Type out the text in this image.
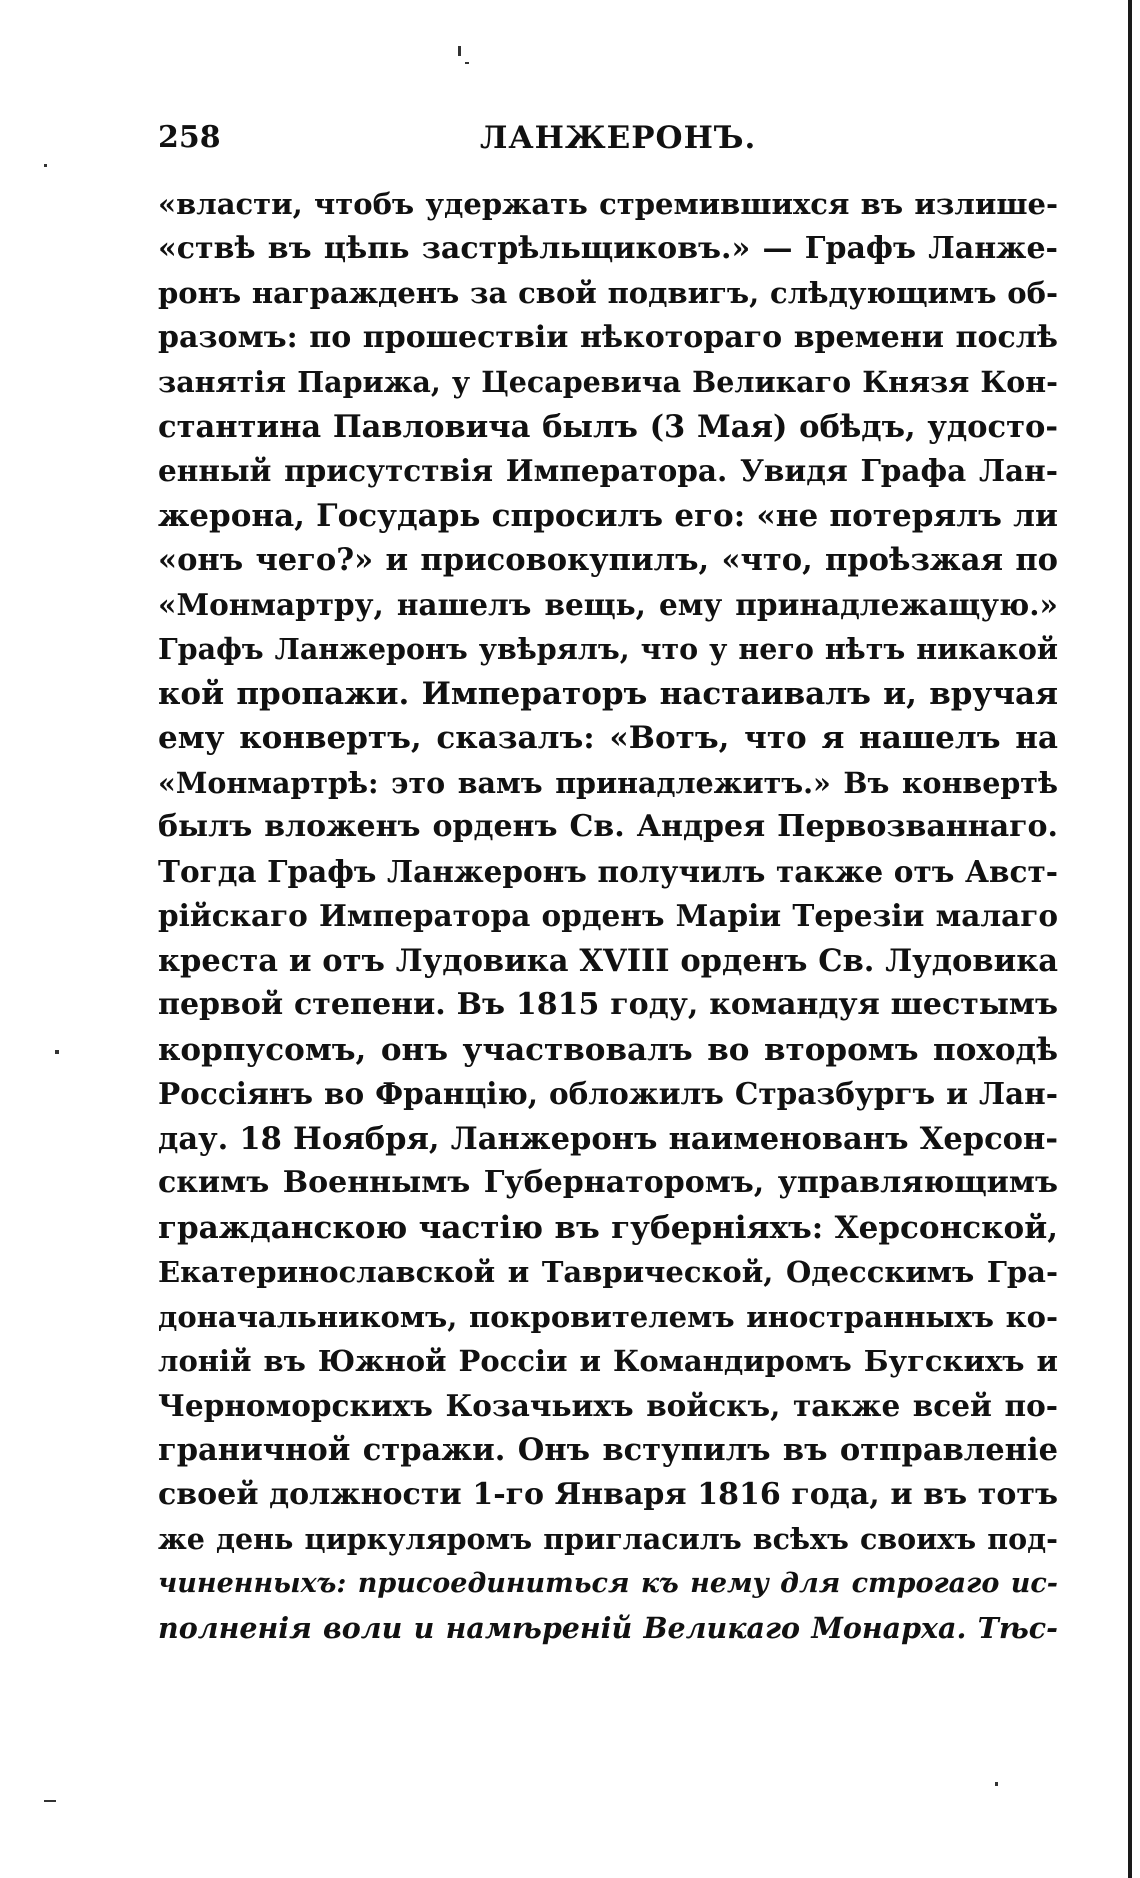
258	ЛАНЖЕРОНЪ.
«власти, чтобъ удержать стремившихся въ излише-
«ствѣ въ цѣпь застрѣльщиковъ.» — Графъ Ланже-
ронъ награжденъ за свой подвигъ, слѣдующимъ об-
разомъ: по прошествіи нѣкотораго времени послѣ
занятія Парижа, у Цесаревича Великаго Князя Кон-
стантина Павловича былъ (3 Мая) обѣдъ, удосто-
енный присутствія Императора. Увидя Графа Лан-
жерона, Государь спросилъ его: «не потерялъ ли
«онъ чего?» и присовокупилъ, «что, проѣзжая по
«Монмартру, нашелъ вещь, ему принадлежащую.»
Графъ Ланжеронъ увѣрялъ, что у него нѣтъ никакой
кой пропажи. Императоръ настаивалъ и, вручая
ему конвертъ, сказалъ: «Вотъ, что я нашелъ на
«Монмартрѣ: это вамъ принадлежитъ.» Въ конвертѣ
былъ вложенъ орденъ Св. Андрея Первозваннаго.
Тогда Графъ Ланжеронъ получилъ также отъ Авст-
рійскаго Императора орденъ Маріи Терезіи малаго
креста и отъ Лудовика XVIII орденъ Св. Лудовика
первой степени. Въ 1815 году, командуя шестымъ
корпусомъ, онъ участвовалъ во второмъ походѣ
Россіянъ во Францію, обложилъ Стразбургъ и Лан-
дау. 18 Ноября, Ланжеронъ наименованъ Херсон-
скимъ Военнымъ Губернаторомъ, управляющимъ
гражданскою частію въ губерніяхъ: Херсонской,
Екатеринославской и Таврической, Одесскимъ Гра-
доначальникомъ, покровителемъ иностранныхъ ко-
лоній въ Южной Россіи и Командиромъ Бугскихъ и
Черноморскихъ Козачьихъ войскъ, также всей по-
граничной стражи. Онъ вступилъ въ отправленіе
своей должности 1-го Января 1816 года, и въ тотъ
же день циркуляромъ пригласилъ всѣхъ своихъ под-
чиненныхъ: присоединиться къ нему для строгаго ис-
полненія воли и намѣреній Великаго Монарха. Тѣс-
